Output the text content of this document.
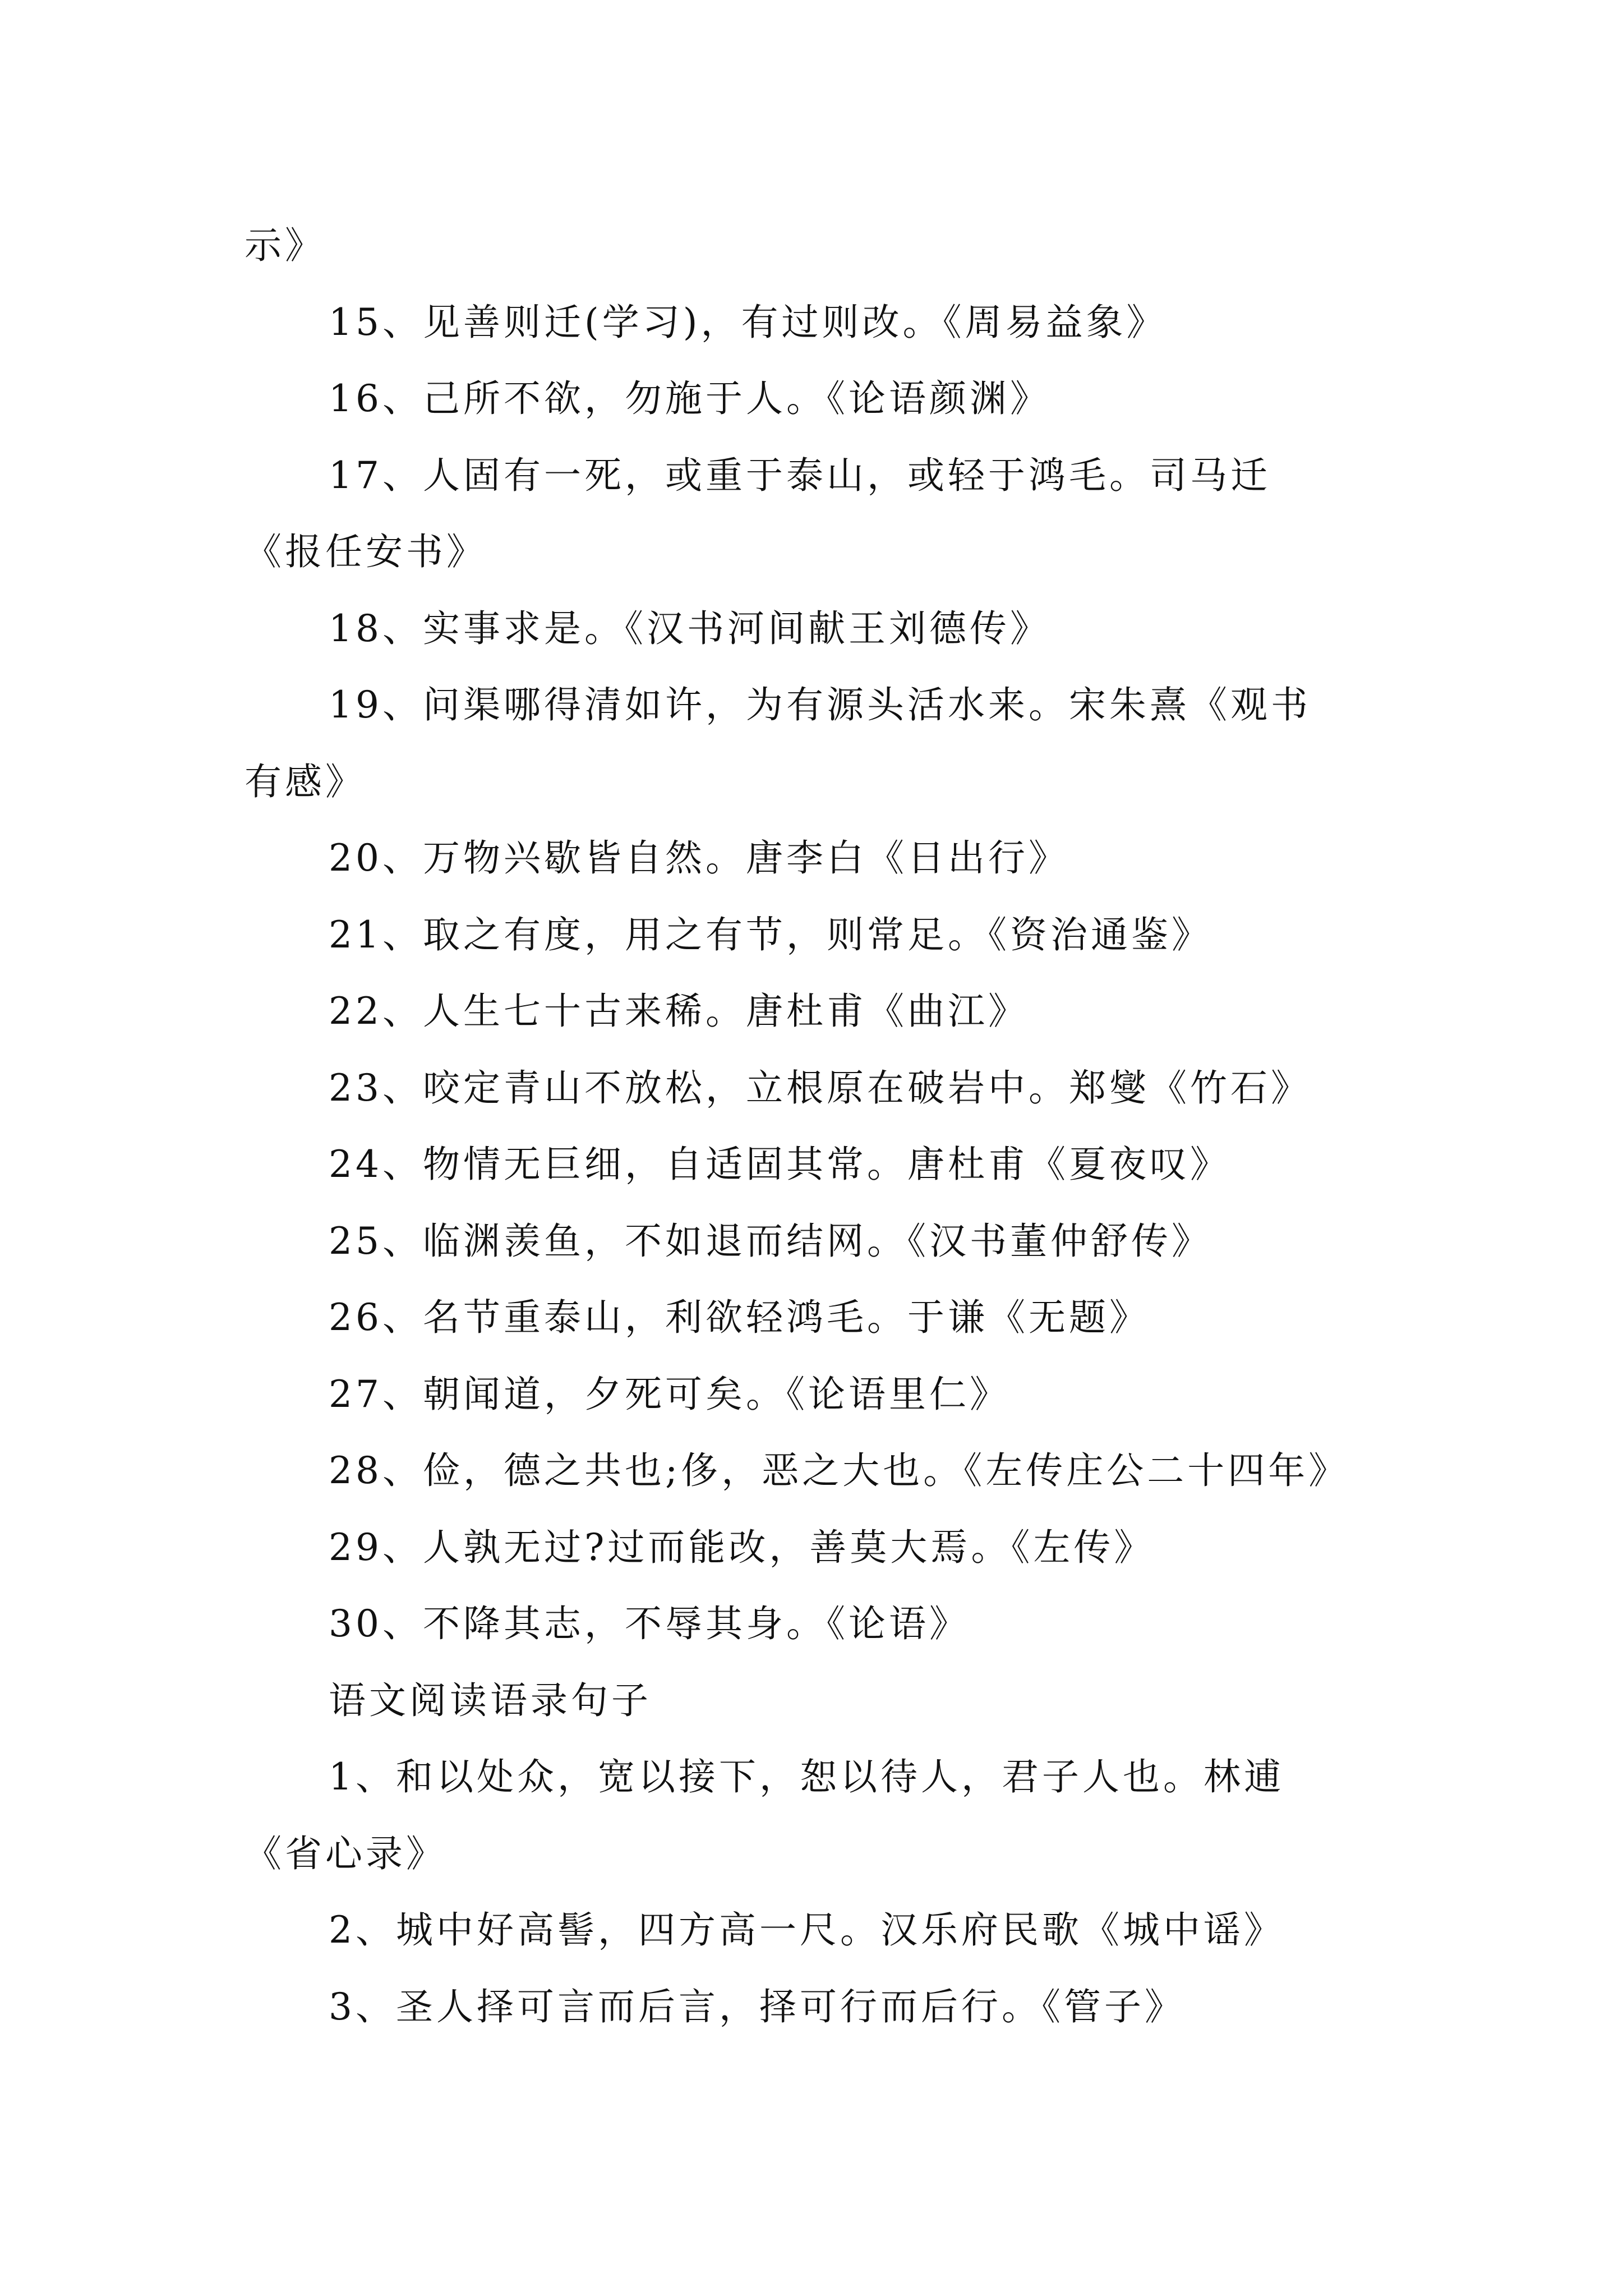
示》
15、见善则迁(学习)，有过则改。《周易益象》
16、己所不欲，勿施于人。《论语颜渊》
17、人固有一死，或重于泰山，或轻于鸿毛。司马迁
《报任安书》
18、实事求是。《汉书河间献王刘德传》
19、问渠哪得清如许，为有源头活水来。宋朱熹《观书
有感》
20、万物兴歇皆自然。唐李白《日出行》
21、取之有度，用之有节，则常足。《资治通鉴》
22、人生七十古来稀。唐杜甫《曲江》
23、咬定青山不放松，立根原在破岩中。郑燮《竹石》
24、物情无巨细，自适固其常。唐杜甫《夏夜叹》
25、临渊羡鱼，不如退而结网。《汉书董仲舒传》
26、名节重泰山，利欲轻鸿毛。于谦《无题》
27、朝闻道，夕死可矣。《论语里仁》
28、俭，德之共也;侈，恶之大也。《左传庄公二十四年》
29、人孰无过?过而能改，善莫大焉。《左传》
30、不降其志，不辱其身。《论语》
语文阅读语录句子
1、和以处众，宽以接下，恕以待人，君子人也。林逋
《省心录》
2、城中好高髻，四方高一尺。汉乐府民歌《城中谣》
3、圣人择可言而后言，择可行而后行。《管子》
